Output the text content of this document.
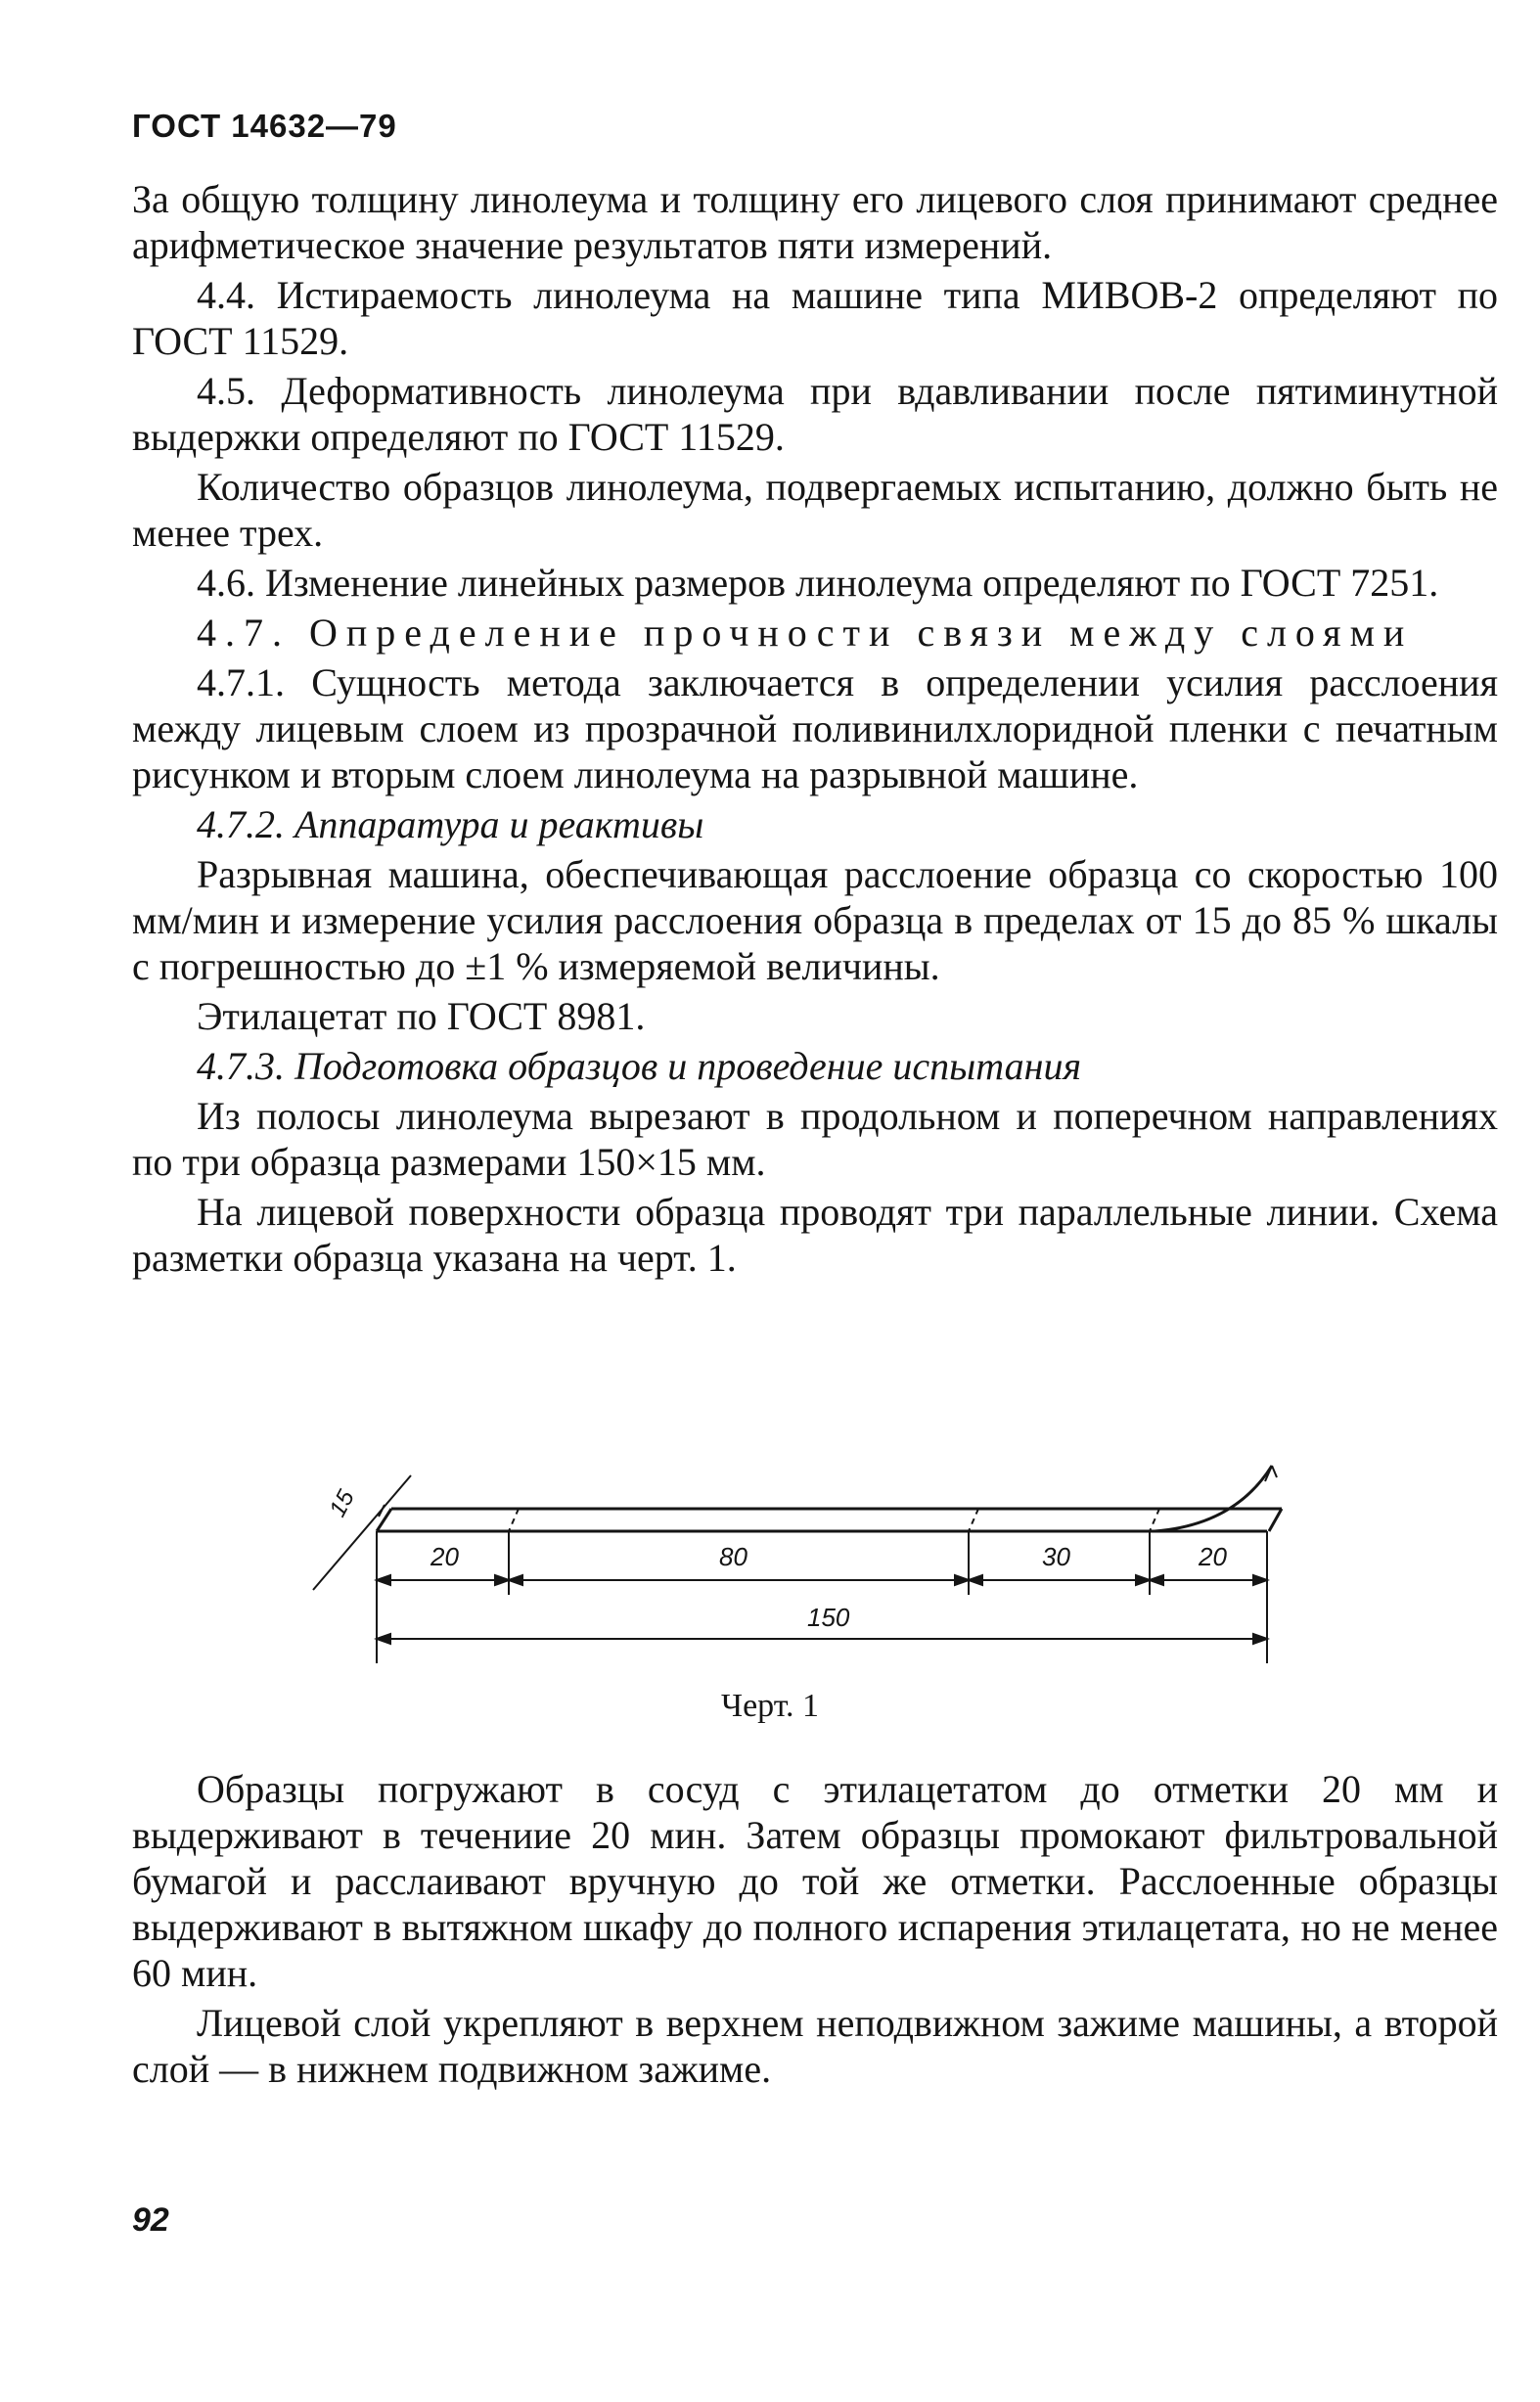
ГОСТ 14632—79

За общую толщину линолеума и толщину его лицевого слоя принимают среднее арифметическое значение результатов пяти измерений.

4.4. Истираемость линолеума на машине типа МИВОВ-2 определяют по ГОСТ 11529.

4.5. Деформативность линолеума при вдавливании после пятиминутной выдержки определяют по ГОСТ 11529.

Количество образцов линолеума, подвергаемых испытанию, должно быть не менее трех.

4.6. Изменение линейных размеров линолеума определяют по ГОСТ 7251.

4.7. Определение прочности связи между слоями

4.7.1. Сущность метода заключается в определении усилия расслоения между лицевым слоем из прозрачной поливинилхлоридной пленки с печатным рисунком и вторым слоем линолеума на разрывной машине.

4.7.2. Аппаратура и реактивы

Разрывная машина, обеспечивающая расслоение образца со скоростью 100 мм/мин и измерение усилия расслоения образца в пределах от 15 до 85 % шкалы с погрешностью до ±1 % измеряемой величины.

Этилацетат по ГОСТ 8981.

4.7.3. Подготовка образцов и проведение испытания

Из полосы линолеума вырезают в продольном и поперечном направлениях по три образца размерами 150×15 мм.

На лицевой поверхности образца проводят три параллельные линии. Схема разметки образца указана на черт. 1.

15
20	80	30	20
150
Черт. 1

Образцы погружают в сосуд с этилацетатом до отметки 20 мм и выдерживают в течениие 20 мин. Затем образцы промокают фильтровальной бумагой и расслаивают вручную до той же отметки. Расслоенные образцы выдерживают в вытяжном шкафу до полного испарения этилацетата, но не менее 60 мин.

Лицевой слой укрепляют в верхнем неподвижном зажиме машины, а второй слой — в нижнем подвижном зажиме.

92
